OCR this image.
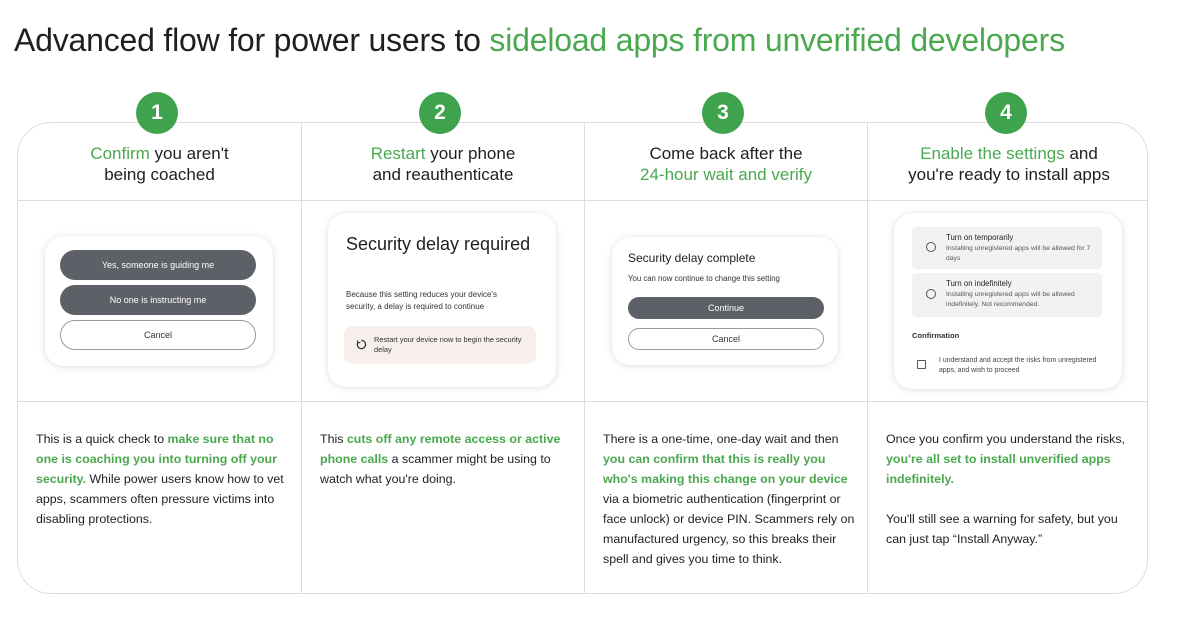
Advanced flow for power users to sideload apps from unverified developers
1	2	3	4
Confirm you aren't
being coached
Yes, someone is guiding me
No one is instructing me
Cancel
This is a quick check to make sure that no one is coaching you into turning off your security. While power users know how to vet apps, scammers often pressure victims into disabling protections.
Restart your phone
and reauthenticate
Security delay required
Because this setting reduces your device's security, a delay is required to continue
Restart your device now to begin the security delay
This cuts off any remote access or active phone calls a scammer might be using to watch what you're doing.
Come back after the
24-hour wait and verify
Security delay complete
You can now continue to change this setting
Continue
Cancel
There is a one-time, one-day wait and then you can confirm that this is really you who's making this change on your device via a biometric authentication (fingerprint or face unlock) or device PIN. Scammers rely on manufactured urgency, so this breaks their spell and gives you time to think.
Enable the settings and
you're ready to install apps
Turn on temporarily
Installing unregistered apps will be allowed for 7 days
Turn on indefinitely
Installing unregistered apps will be allowed indefinitely. Not recommended.
Confirmation
I understand and accept the risks from unregistered apps, and wish to proceed
Once you confirm you understand the risks, you're all set to install unverified apps indefinitely.
You'll still see a warning for safety, but you can just tap “Install Anyway.”
